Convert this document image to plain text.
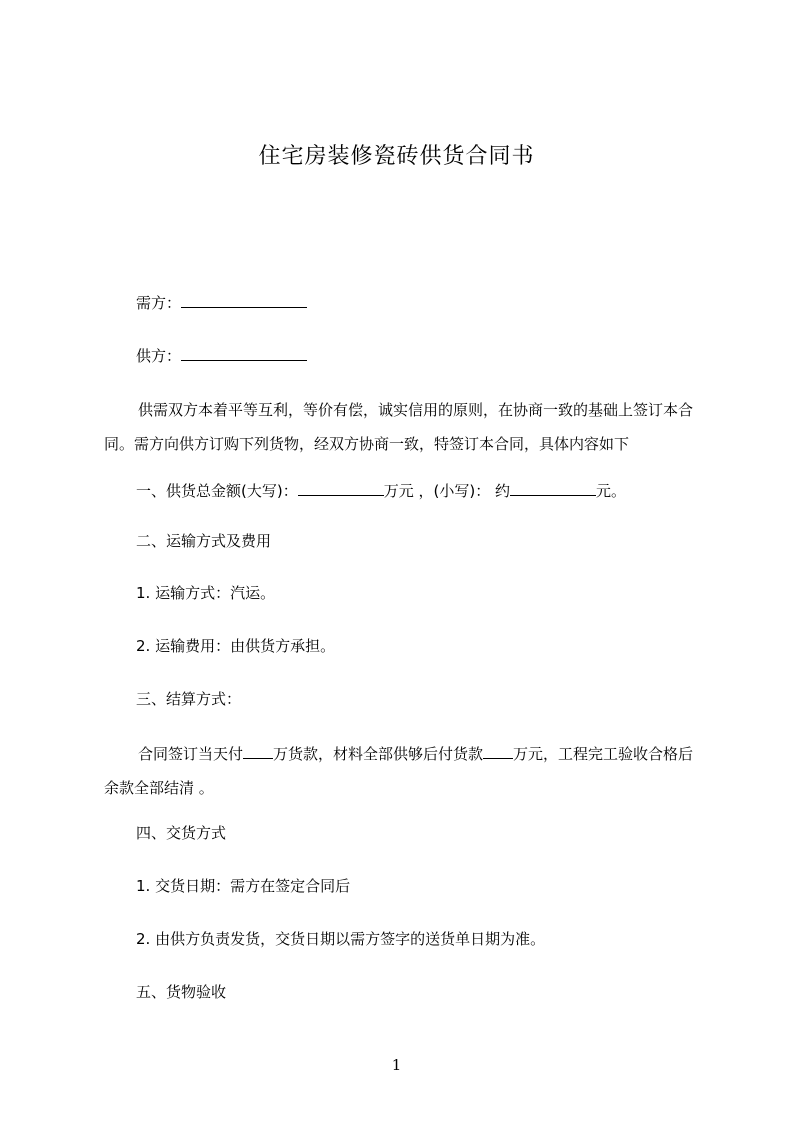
住宅房装修瓷砖供货合同书
需方：
供方：
供需双方本着平等互利，等价有偿，诚实信用的原则，在协商一致的基础上签订本合同。需方向供方订购下列货物，经双方协商一致，特签订本合同，具体内容如下
一、供货总金额(大写)：	万元 ，(小写)： 约	元。
二、运输方式及费用
1. 运输方式：汽运。
2. 运输费用：由供货方承担。
三、结算方式：
合同签订当天付 万货款，材料全部供够后付货款 万元，工程完工验收合格后余款全部结清 。
四、交货方式
1. 交货日期：需方在签定合同后
2. 由供方负责发货，交货日期以需方签字的送货单日期为准。
五、货物验收
1
